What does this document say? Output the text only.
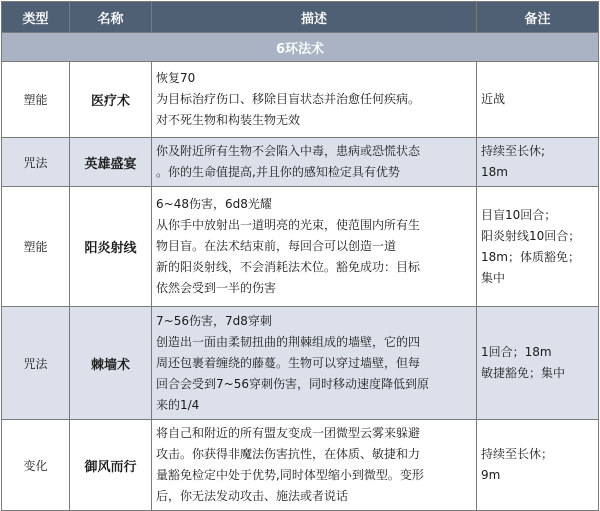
类型	名称	描述	备注
6环法术			
塑能	医疗术	恢复70
为目标治疗伤口、移除目盲状态并治愈任何疾病。
对不死生物和构装生物无效	近战

咒法	英雄盛宴	你及附近所有生物不会陷入中毒，患病或恐慌状态
。你的生命值提高,并且你的感知检定具有优势	持续至长休;
18m

塑能	阳炎射线	6~48伤害，6d8光耀
从你手中放射出一道明亮的光束，使范围内所有生
物目盲。在法术结束前，每回合可以创造一道
新的阳炎射线，不会消耗法术位。豁免成功：目标
依然会受到一半的伤害	目盲10回合；
阳炎射线10回合；
18m；体质豁免；
集中

咒法	棘墙术	7~56伤害，7d8穿刺
创造出一面由柔韧扭曲的荆棘组成的墙壁，它的四
周还包裹着缠绕的藤蔓。生物可以穿过墙壁，但每
回合会受到7~56穿刺伤害，同时移动速度降低到原
来的1/4	1回合；18m
敏捷豁免；集中

变化	御风而行	将自己和附近的所有盟友变成一团微型云雾来躲避
攻击。你获得非魔法伤害抗性，在体质、敏捷和力
量豁免检定中处于优势,同时体型缩小到微型。变形
后，你无法发动攻击、施法或者说话	持续至长休；
9m
